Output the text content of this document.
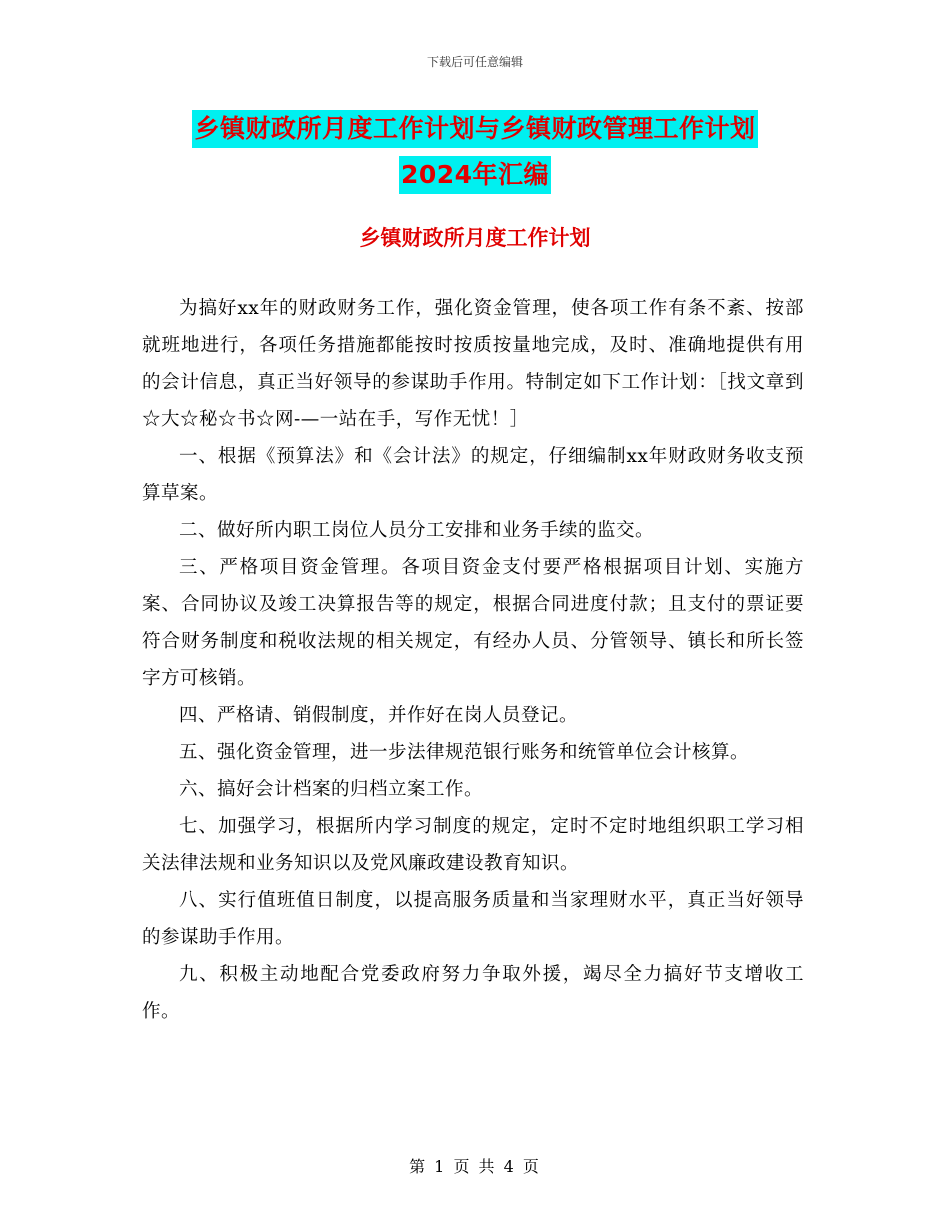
下载后可任意编辑
乡镇财政所月度工作计划与乡镇财政管理工作计划
2024年汇编
乡镇财政所月度工作计划

为搞好xx年的财政财务工作，强化资金管理，使各项工作有条不紊、按部就班地进行，各项任务措施都能按时按质按量地完成，及时、准确地提供有用的会计信息，真正当好领导的参谋助手作用。特制定如下工作计划：［找文章到☆大☆秘☆书☆网-—一站在手，写作无忧！］

一、根据《预算法》和《会计法》的规定，仔细编制xx年财政财务收支预算草案。

二、做好所内职工岗位人员分工安排和业务手续的监交。

三、严格项目资金管理。各项目资金支付要严格根据项目计划、实施方案、合同协议及竣工决算报告等的规定，根据合同进度付款；且支付的票证要符合财务制度和税收法规的相关规定，有经办人员、分管领导、镇长和所长签字方可核销。

四、严格请、销假制度，并作好在岗人员登记。

五、强化资金管理，进一步法律规范银行账务和统管单位会计核算。

六、搞好会计档案的归档立案工作。

七、加强学习，根据所内学习制度的规定，定时不定时地组织职工学习相关法律法规和业务知识以及党风廉政建设教育知识。

八、实行值班值日制度，以提高服务质量和当家理财水平，真正当好领导的参谋助手作用。

九、积极主动地配合党委政府努力争取外援，竭尽全力搞好节支增收工作。

第 1 页 共 4 页
